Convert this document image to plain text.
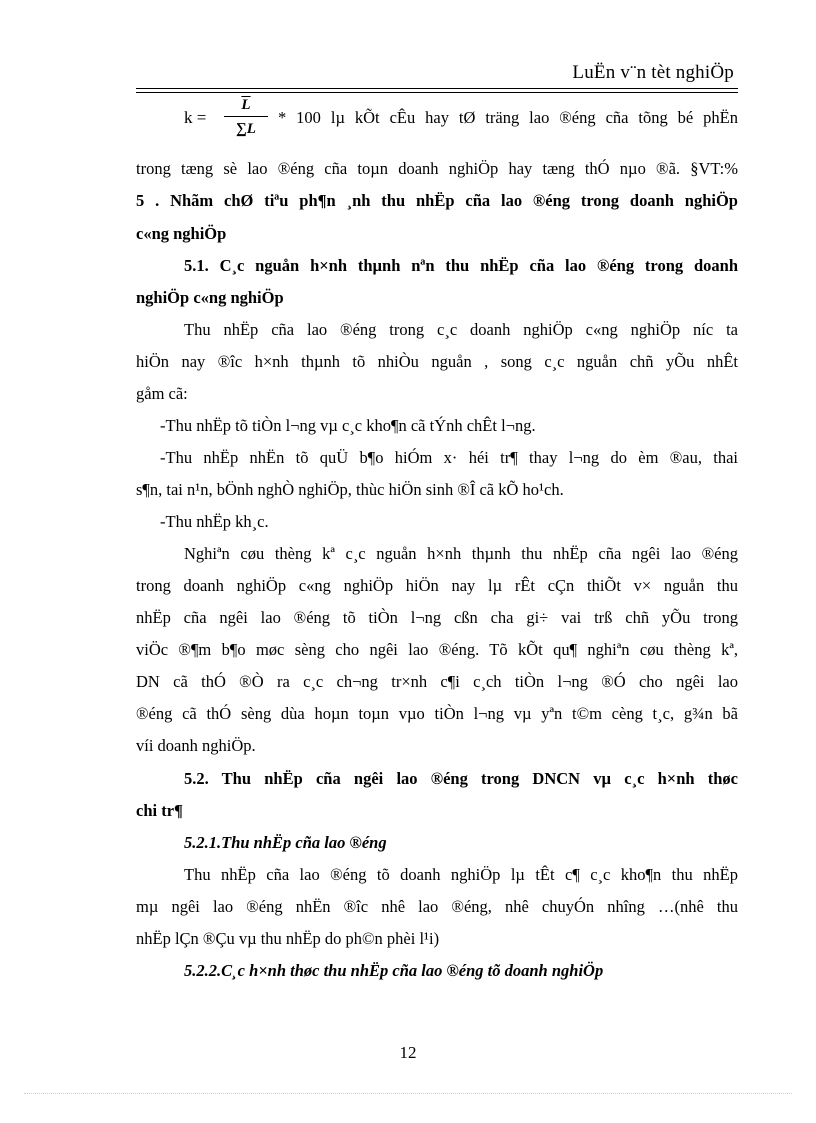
LuËn v¨n tèt nghiÖp
k =
$\overline{L}$
∑L
* 100 lµ kÕt cÊu hay tØ träng lao ®éng cña tõng bé phËn
trong tæng sè lao ®éng cña toµn doanh nghiÖp hay tæng thÓ nµo ®ã. §VT:%
5 . Nhãm chØ tiªu ph¶n ¸nh thu nhËp cña lao ®éng trong doanh nghiÖp
c«ng nghiÖp
5.1. C¸c nguån h×nh thµnh nªn thu nhËp cña lao ®éng trong doanh
nghiÖp c«ng nghiÖp
Thu nhËp cña lao ®éng trong c¸c doanh nghiÖp c«ng nghiÖp níc ta
hiÖn nay ®îc h×nh thµnh tõ nhiÒu nguån , song c¸c nguån chñ yÕu nhÊt
gåm cã:
-Thu nhËp tõ tiÒn l¬ng vµ c¸c kho¶n cã tÝnh chÊt l¬ng.
-Thu nhËp nhËn tõ quÜ b¶o hiÓm x· héi tr¶ thay l¬ng do èm ®au, thai
s¶n, tai n¹n, bÖnh nghÒ nghiÖp, thùc hiÖn sinh ®Î cã kÕ ho¹ch.
-Thu nhËp kh¸c.
Nghiªn cøu thèng kª c¸c nguån h×nh thµnh thu nhËp cña ngêi lao ®éng
trong doanh nghiÖp c«ng nghiÖp hiÖn nay lµ rÊt cÇn thiÕt v× nguån thu
nhËp cña ngêi lao ®éng tõ tiÒn l¬ng cßn cha gi÷ vai trß chñ yÕu trong
viÖc ®¶m b¶o møc sèng cho ngêi lao ®éng. Tõ kÕt qu¶ nghiªn cøu thèng kª,
DN cã thÓ ®Ò ra c¸c ch¬ng tr×nh c¶i c¸ch tiÒn l¬ng ®Ó cho ngêi lao
®éng cã thÓ sèng dùa hoµn toµn vµo tiÒn l¬ng vµ yªn t©m cèng t¸c, g¾n bã
víi doanh nghiÖp.
5.2. Thu nhËp cña ngêi lao ®éng trong DNCN vµ c¸c h×nh thøc
chi tr¶
5.2.1.Thu nhËp cña lao ®éng
Thu nhËp cña lao ®éng tõ doanh nghiÖp lµ tÊt c¶ c¸c kho¶n thu nhËp
mµ ngêi lao ®éng nhËn ®îc nhê lao ®éng, nhê chuyÓn nhîng …(nhê thu
nhËp lÇn ®Çu vµ thu nhËp do ph©n phèi l¹i)
5.2.2.C¸c h×nh thøc thu nhËp cña lao ®éng tõ doanh nghiÖp
12
